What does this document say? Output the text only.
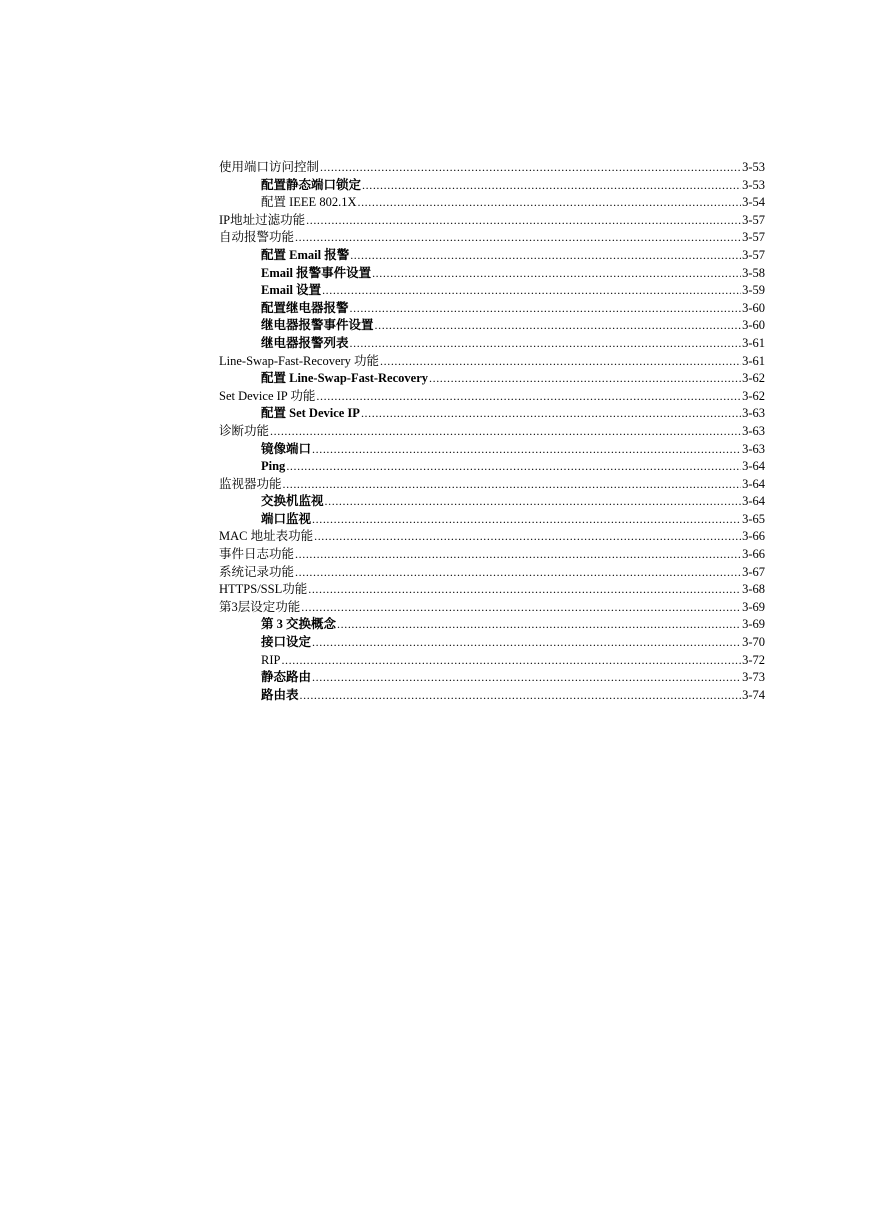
使用端口访问控制 .....	3-53
配置静态端口锁定 .....	3-53
配置 IEEE 802.1X .....	3-54
IP地址过滤功能 .....	3-57
自动报警功能 .....	3-57
配置 Email 报警 .....	3-57
Email 报警事件设置 .....	3-58
Email 设置 .....	3-59
配置继电器报警 .....	3-60
继电器报警事件设置 .....	3-60
继电器报警列表 .....	3-61
Line-Swap-Fast-Recovery 功能 .....	3-61
配置 Line-Swap-Fast-Recovery .....	3-62
Set Device IP 功能 .....	3-62
配置 Set Device IP .....	3-63
诊断功能 .....	3-63
镜像端口 .....	3-63
Ping .....	3-64
监视器功能 .....	3-64
交换机监视 .....	3-64
端口监视 .....	3-65
MAC 地址表功能 .....	3-66
事件日志功能 .....	3-66
系统记录功能 .....	3-67
HTTPS/SSL功能 .....	3-68
第3层设定功能 .....	3-69
第 3 交换概念 .....	3-69
接口设定 .....	3-70
RIP .....	3-72
静态路由 .....	3-73
路由表 .....	3-74
